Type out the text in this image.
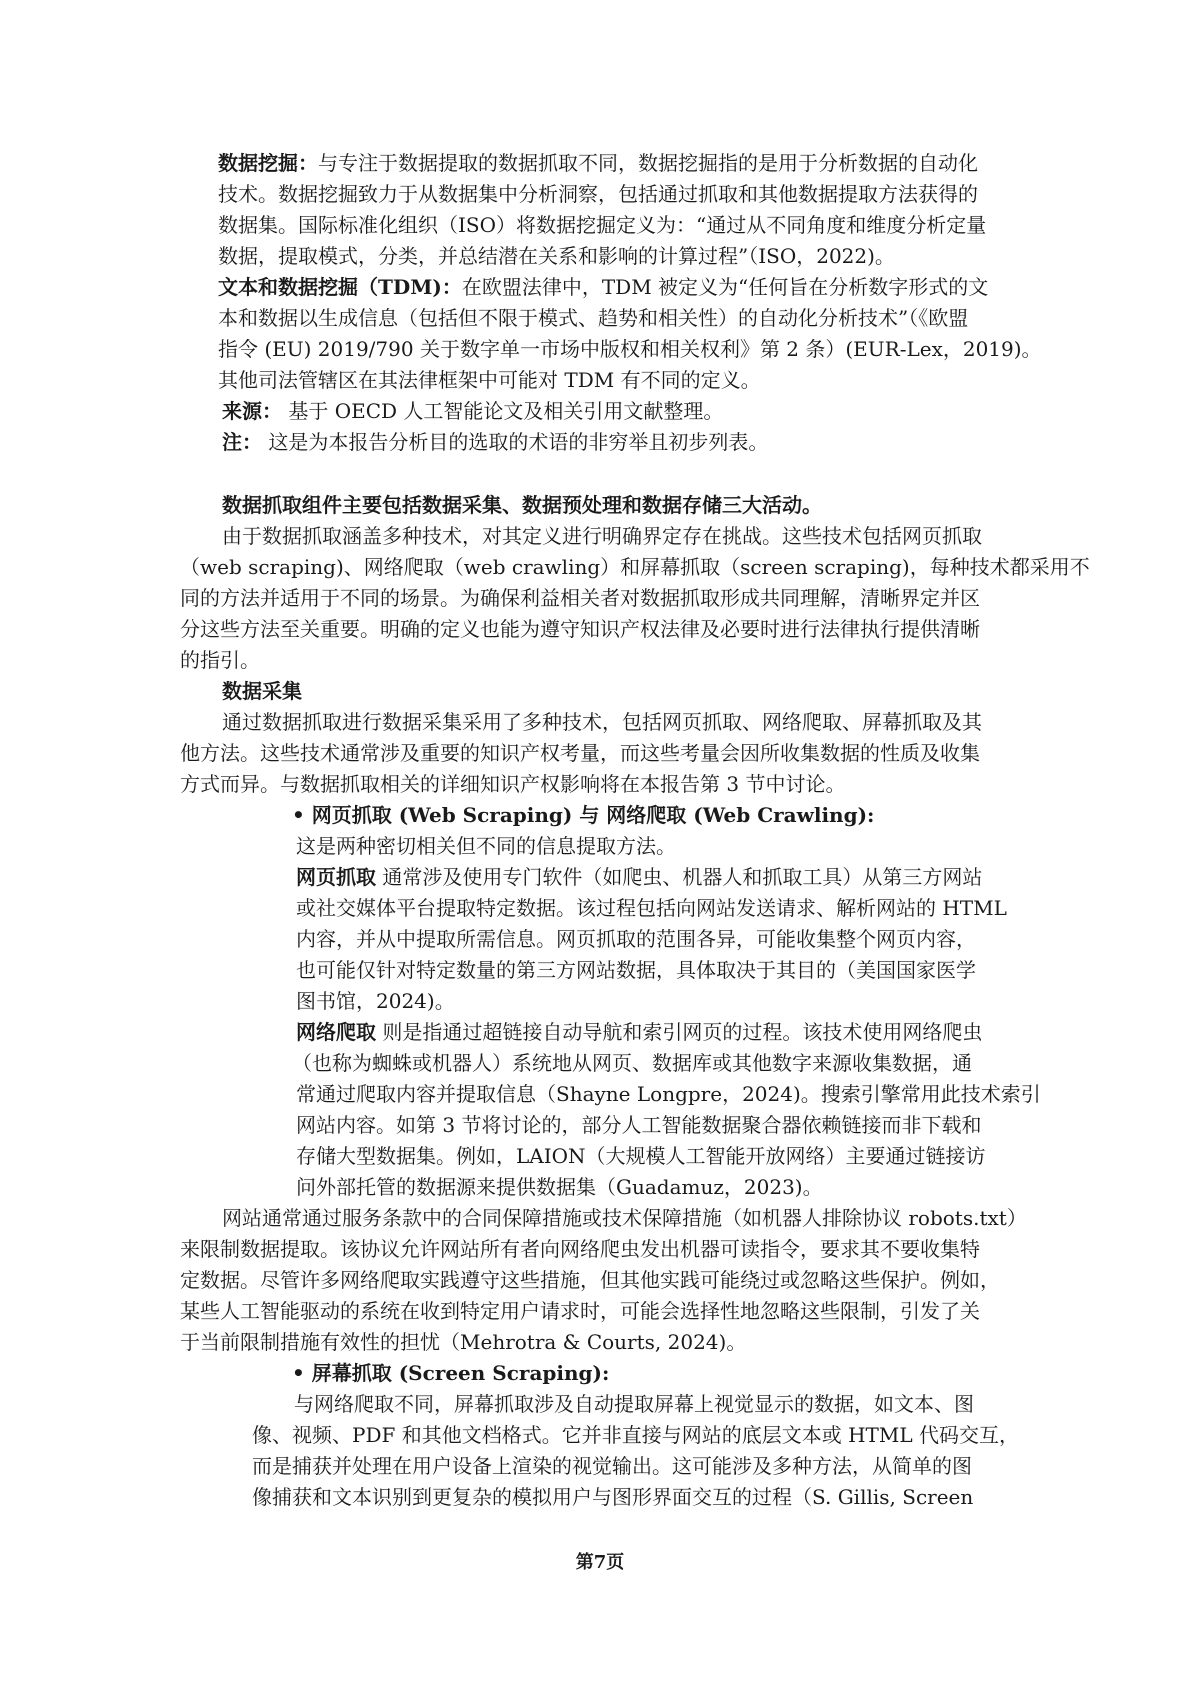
数据挖掘：与专注于数据提取的数据抓取不同，数据挖掘指的是用于分析数据的自动化
技术。数据挖掘致力于从数据集中分析洞察，包括通过抓取和其他数据提取方法获得的
数据集。国际标准化组织（ISO）将数据挖掘定义为：“通过从不同角度和维度分析定量
数据，提取模式，分类，并总结潜在关系和影响的计算过程”（ISO，2022)。
文本和数据挖掘（TDM)：在欧盟法律中，TDM 被定义为“任何旨在分析数字形式的文
本和数据以生成信息（包括但不限于模式、趋势和相关性）的自动化分析技术”（《欧盟
指令 (EU) 2019/790 关于数字单一市场中版权和相关权利》第 2 条）(EUR-Lex，2019)。
其他司法管辖区在其法律框架中可能对 TDM 有不同的定义。
来源： 基于 OECD 人工智能论文及相关引用文献整理。
注： 这是为本报告分析目的选取的术语的非穷举且初步列表。
数据抓取组件主要包括数据采集、数据预处理和数据存储三大活动。
由于数据抓取涵盖多种技术，对其定义进行明确界定存在挑战。这些技术包括网页抓取
（web scraping)、网络爬取（web crawling）和屏幕抓取（screen scraping)，每种技术都采用不
同的方法并适用于不同的场景。为确保利益相关者对数据抓取形成共同理解，清晰界定并区
分这些方法至关重要。明确的定义也能为遵守知识产权法律及必要时进行法律执行提供清晰
的指引。
数据采集
通过数据抓取进行数据采集采用了多种技术，包括网页抓取、网络爬取、屏幕抓取及其
他方法。这些技术通常涉及重要的知识产权考量，而这些考量会因所收集数据的性质及收集
方式而异。与数据抓取相关的详细知识产权影响将在本报告第 3 节中讨论。
• 网页抓取 (Web Scraping) 与 网络爬取 (Web Crawling):
这是两种密切相关但不同的信息提取方法。
网页抓取 通常涉及使用专门软件（如爬虫、机器人和抓取工具）从第三方网站
或社交媒体平台提取特定数据。该过程包括向网站发送请求、解析网站的 HTML
内容，并从中提取所需信息。网页抓取的范围各异，可能收集整个网页内容，
也可能仅针对特定数量的第三方网站数据，具体取决于其目的（美国国家医学
图书馆，2024)。
网络爬取 则是指通过超链接自动导航和索引网页的过程。该技术使用网络爬虫
（也称为蜘蛛或机器人）系统地从网页、数据库或其他数字来源收集数据，通
常通过爬取内容并提取信息（Shayne Longpre，2024)。搜索引擎常用此技术索引
网站内容。如第 3 节将讨论的，部分人工智能数据聚合器依赖链接而非下载和
存储大型数据集。例如，LAION（大规模人工智能开放网络）主要通过链接访
问外部托管的数据源来提供数据集（Guadamuz，2023)。
网站通常通过服务条款中的合同保障措施或技术保障措施（如机器人排除协议 robots.txt）
来限制数据提取。该协议允许网站所有者向网络爬虫发出机器可读指令，要求其不要收集特
定数据。尽管许多网络爬取实践遵守这些措施，但其他实践可能绕过或忽略这些保护。例如，
某些人工智能驱动的系统在收到特定用户请求时，可能会选择性地忽略这些限制，引发了关
于当前限制措施有效性的担忧（Mehrotra & Courts, 2024)。
• 屏幕抓取 (Screen Scraping):
与网络爬取不同，屏幕抓取涉及自动提取屏幕上视觉显示的数据，如文本、图
像、视频、PDF 和其他文档格式。它并非直接与网站的底层文本或 HTML 代码交互，
而是捕获并处理在用户设备上渲染的视觉输出。这可能涉及多种方法，从简单的图
像捕获和文本识别到更复杂的模拟用户与图形界面交互的过程（S. Gillis, Screen
第7页
